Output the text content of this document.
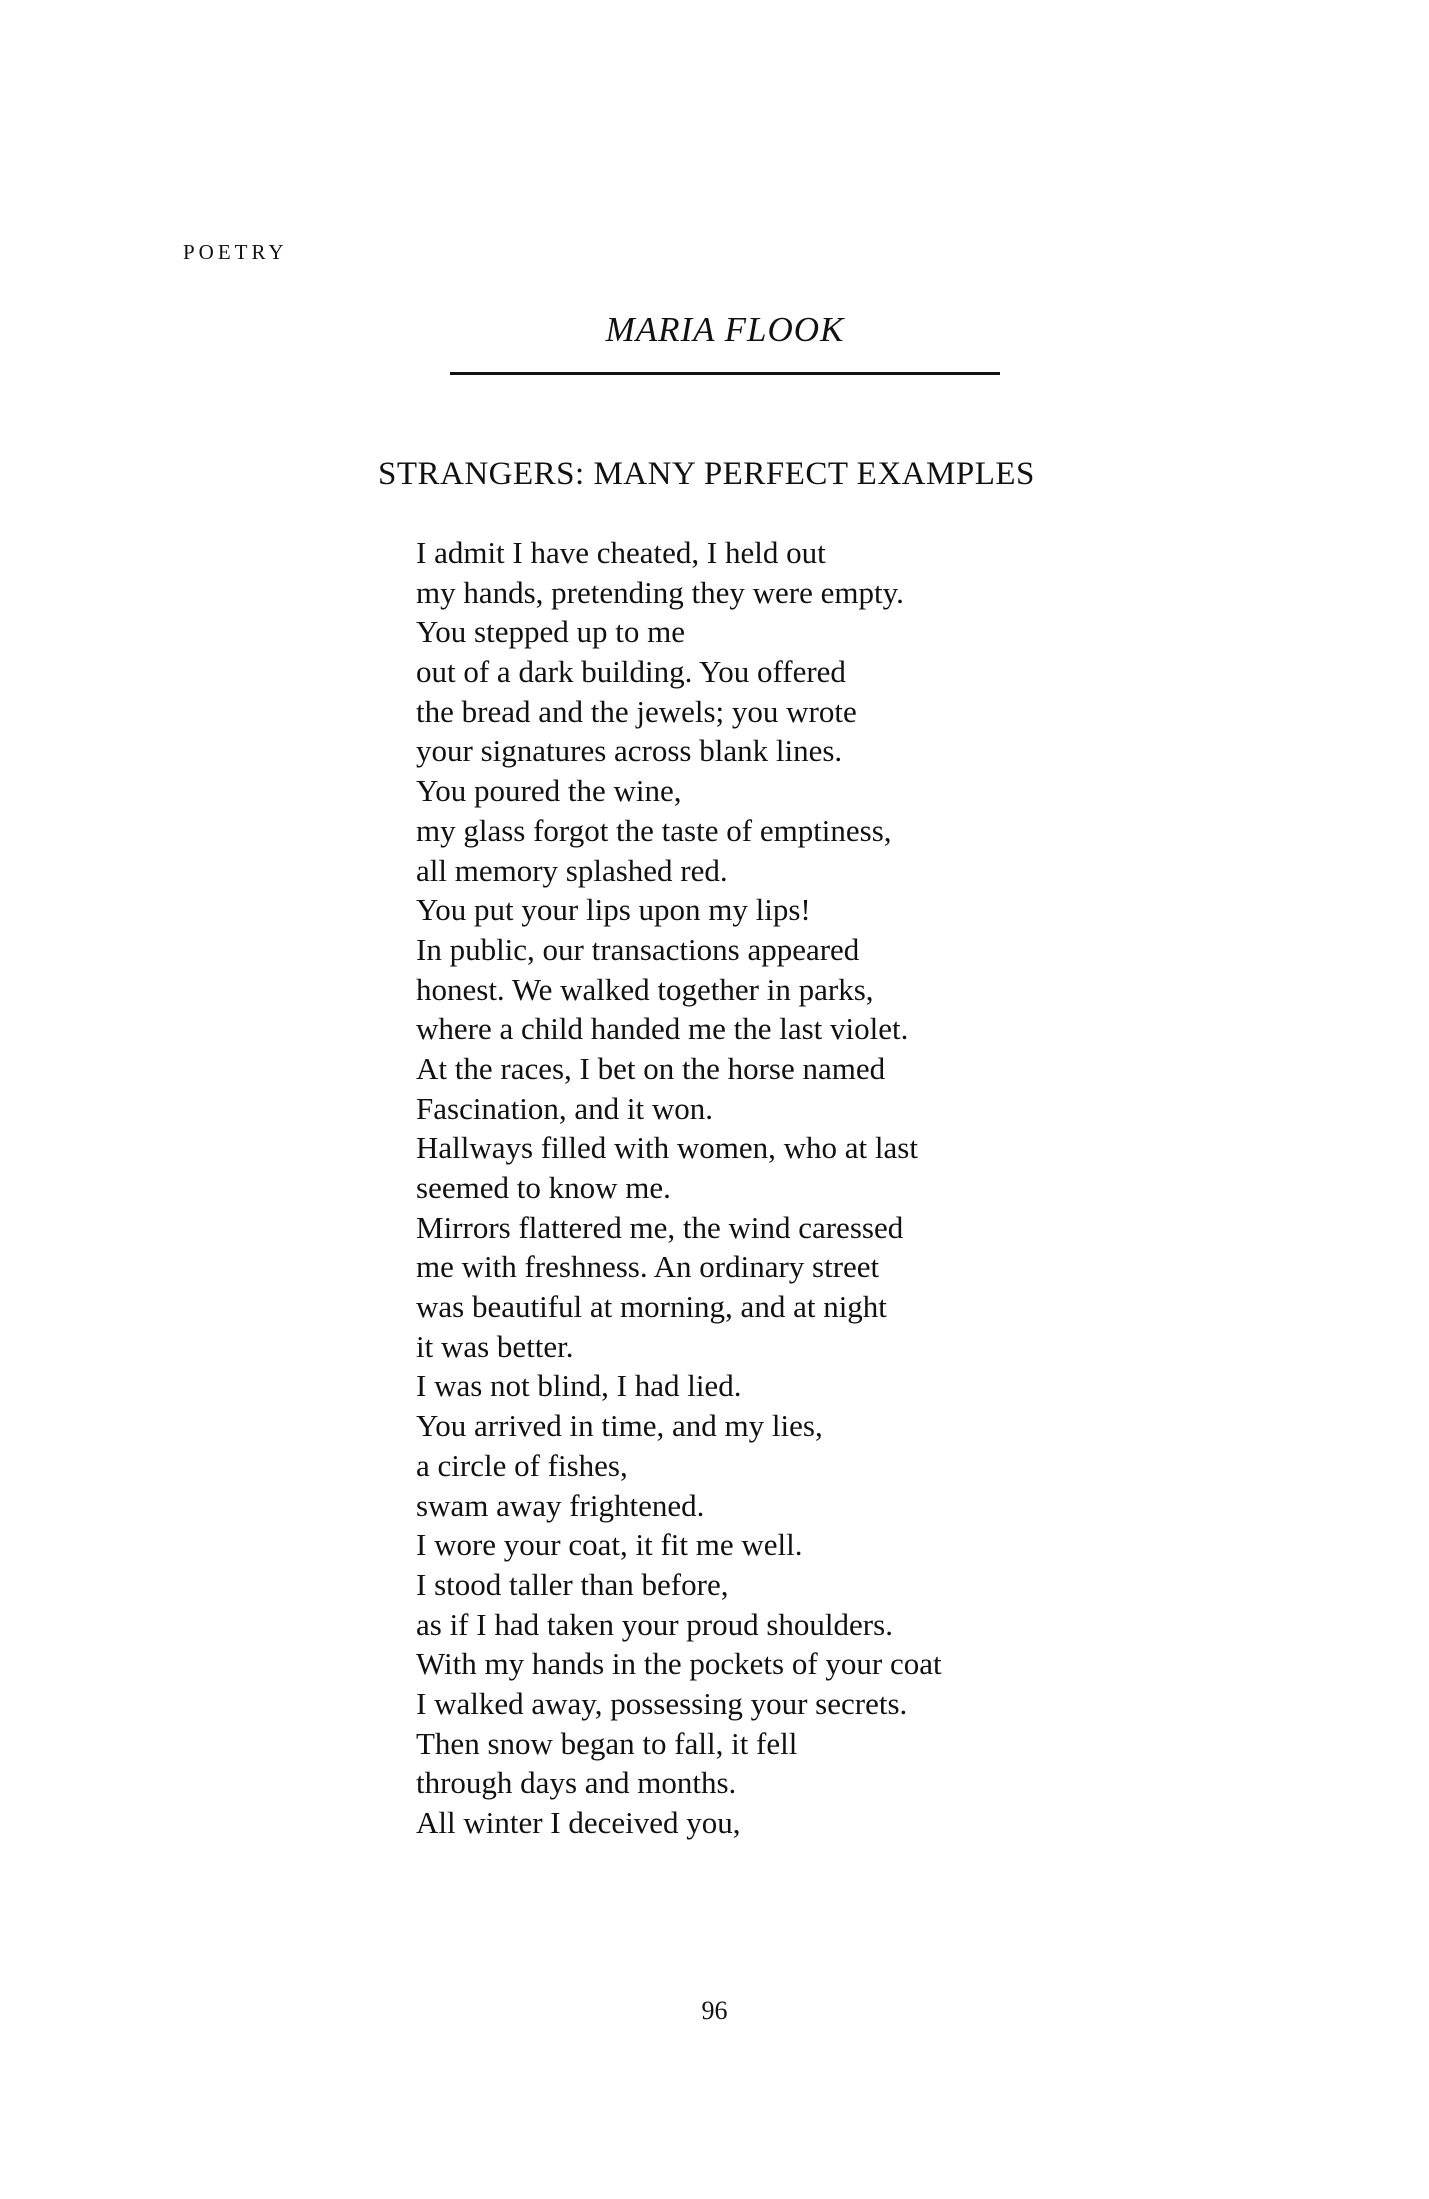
POETRY
MARIA FLOOK
STRANGERS: MANY PERFECT EXAMPLES
I admit I have cheated, I held out
my hands, pretending they were empty.
You stepped up to me
out of a dark building. You offered
the bread and the jewels; you wrote
your signatures across blank lines.
You poured the wine,
my glass forgot the taste of emptiness,
all memory splashed red.
You put your lips upon my lips!
In public, our transactions appeared
honest. We walked together in parks,
where a child handed me the last violet.
At the races, I bet on the horse named
Fascination, and it won.
Hallways filled with women, who at last
seemed to know me.
Mirrors flattered me, the wind caressed
me with freshness. An ordinary street
was beautiful at morning, and at night
it was better.
I was not blind, I had lied.
You arrived in time, and my lies,
a circle of fishes,
swam away frightened.
I wore your coat, it fit me well.
I stood taller than before,
as if I had taken your proud shoulders.
With my hands in the pockets of your coat
I walked away, possessing your secrets.
Then snow began to fall, it fell
through days and months.
All winter I deceived you,
96
